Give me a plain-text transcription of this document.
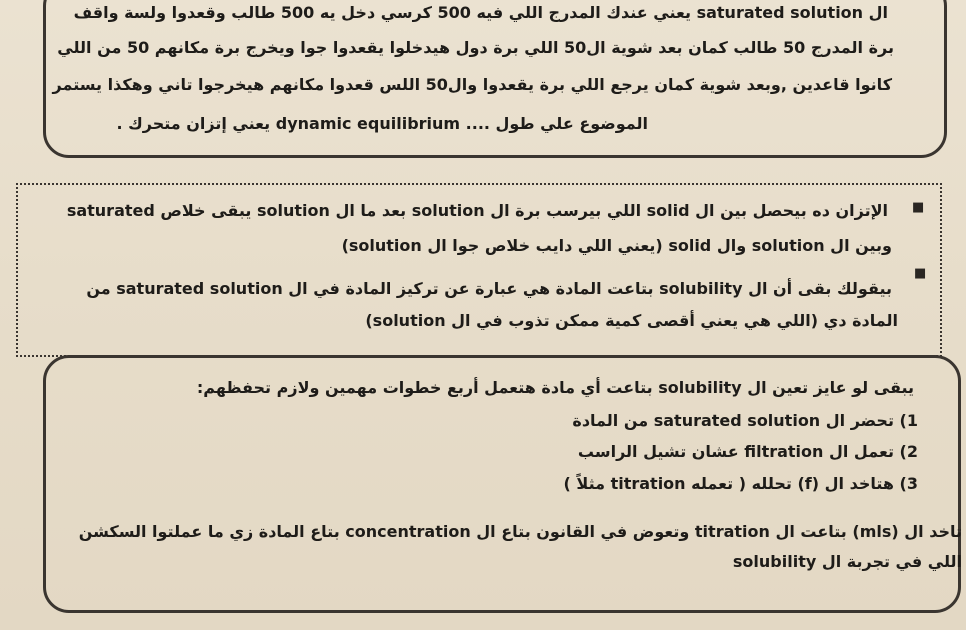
ال saturated solution يعني عندك المدرج اللي فيه 500 كرسي دخل يه 500 طالب وقعدوا ولسة واقف
برة المدرج 50 طالب كمان بعد شوية ال50 اللي برة دول هيدخلوا يقعدوا جوا ويخرج برة مكانهم 50 من اللي
كانوا قاعدين ,وبعد شوية كمان يرجع اللي برة يقعدوا وال50 اللس قعدوا مكانهم هيخرجوا تاني وهكذا يستمر
الموضوع علي طول .... dynamic equilibrium يعني إتزان متحرك .
■
الإتزان ده بيحصل بين ال solid اللي بيرسب برة ال solution بعد ما ال solution يبقى خلاص saturated
وبين ال solution وال solid (يعني اللي دايب خلاص جوا ال solution)
■
بيقولك بقى أن ال solubility بتاعت المادة هي عبارة عن تركيز المادة في ال saturated solution من
المادة دي (اللي هي يعني أقصى كمية ممكن تذوب في ال solution)
يبقى لو عايز تعين ال solubility بتاعت أي مادة هتعمل أربع خطوات مهمين ولازم تحفظهم:
1) تحضر ال saturated solution من المادة
2) تعمل ال filtration عشان تشيل الراسب
3) هتاخد ال (f) تحلله ( تعمله titration مثلاً )
تاخد ال (mls) بتاعت ال titration وتعوض في القانون بتاع ال concentration بتاع المادة زي ما عملتوا السكشن
اللي في تجربة ال solubility
